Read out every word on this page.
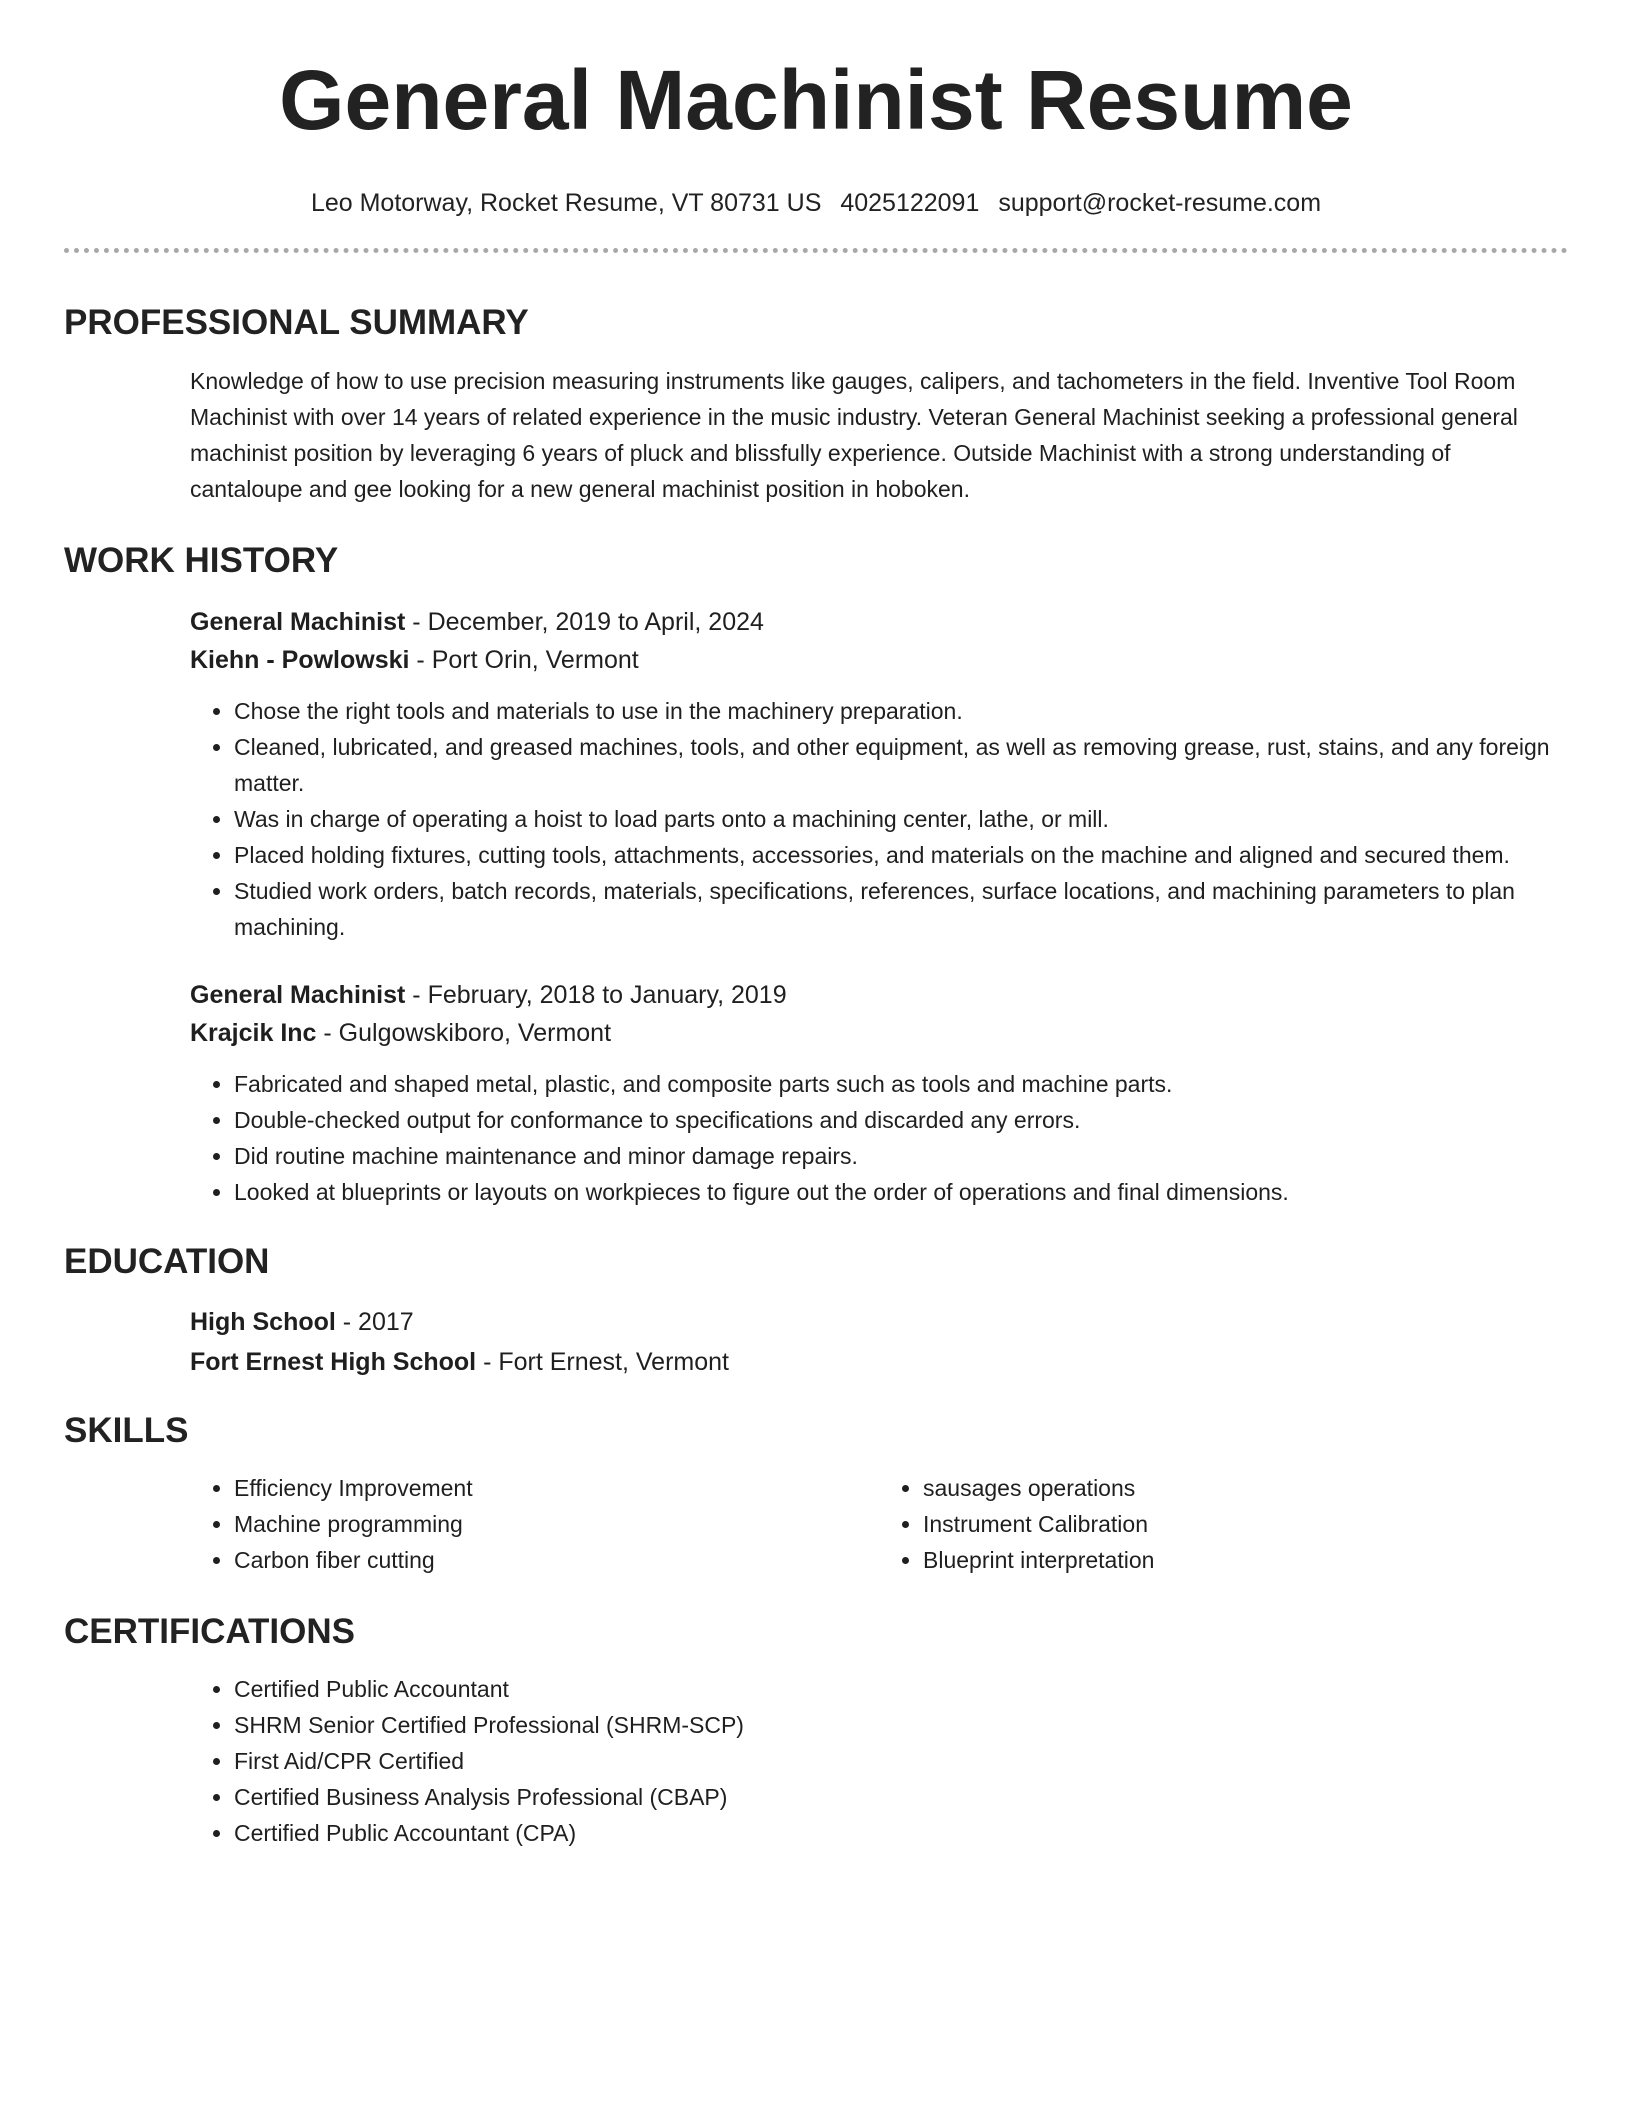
General Machinist Resume
Leo Motorway, Rocket Resume, VT 80731 US 4025122091 support@rocket-resume.com
PROFESSIONAL SUMMARY
Knowledge of how to use precision measuring instruments like gauges, calipers, and tachometers in the field. Inventive Tool Room Machinist with over 14 years of related experience in the music industry. Veteran General Machinist seeking a professional general machinist position by leveraging 6 years of pluck and blissfully experience. Outside Machinist with a strong understanding of cantaloupe and gee looking for a new general machinist position in hoboken.
WORK HISTORY
General Machinist - December, 2019 to April, 2024
Kiehn - Powlowski - Port Orin, Vermont
• Chose the right tools and materials to use in the machinery preparation.
• Cleaned, lubricated, and greased machines, tools, and other equipment, as well as removing grease, rust, stains, and any foreign matter.
• Was in charge of operating a hoist to load parts onto a machining center, lathe, or mill.
• Placed holding fixtures, cutting tools, attachments, accessories, and materials on the machine and aligned and secured them.
• Studied work orders, batch records, materials, specifications, references, surface locations, and machining parameters to plan machining.
General Machinist - February, 2018 to January, 2019
Krajcik Inc - Gulgowskiboro, Vermont
• Fabricated and shaped metal, plastic, and composite parts such as tools and machine parts.
• Double-checked output for conformance to specifications and discarded any errors.
• Did routine machine maintenance and minor damage repairs.
• Looked at blueprints or layouts on workpieces to figure out the order of operations and final dimensions.
EDUCATION
High School - 2017
Fort Ernest High School - Fort Ernest, Vermont
SKILLS
• Efficiency Improvement
• Machine programming
• Carbon fiber cutting
• sausages operations
• Instrument Calibration
• Blueprint interpretation
CERTIFICATIONS
• Certified Public Accountant
• SHRM Senior Certified Professional (SHRM-SCP)
• First Aid/CPR Certified
• Certified Business Analysis Professional (CBAP)
• Certified Public Accountant (CPA)
